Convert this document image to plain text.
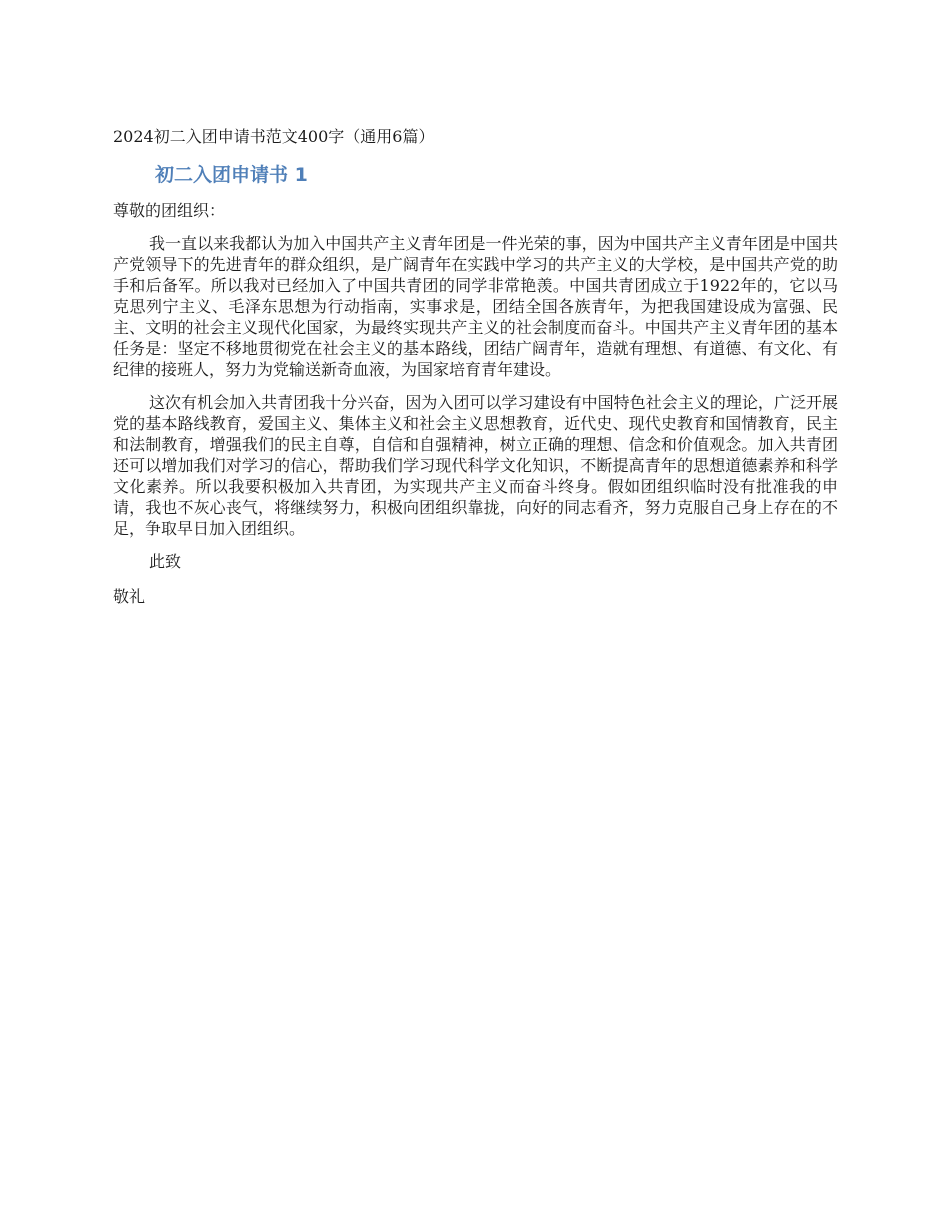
2024初二入团申请书范文400字（通用6篇）

初二入团申请书 1

尊敬的团组织：

我一直以来我都认为加入中国共产主义青年团是一件光荣的事，因为中国共产主义青年团是中国共产党领导下的先进青年的群众组织，是广阔青年在实践中学习的共产主义的大学校，是中国共产党的助手和后备军。所以我对已经加入了中国共青团的同学非常艳羡。中国共青团成立于1922年的，它以马克思列宁主义、毛泽东思想为行动指南，实事求是，团结全国各族青年，为把我国建设成为富强、民主、文明的社会主义现代化国家，为最终实现共产主义的社会制度而奋斗。中国共产主义青年团的基本任务是：坚定不移地贯彻党在社会主义的基本路线，团结广阔青年，造就有理想、有道德、有文化、有纪律的接班人，努力为党输送新奇血液，为国家培育青年建设。

这次有机会加入共青团我十分兴奋，因为入团可以学习建设有中国特色社会主义的理论，广泛开展党的基本路线教育，爱国主义、集体主义和社会主义思想教育，近代史、现代史教育和国情教育，民主和法制教育，增强我们的民主自尊，自信和自强精神，树立正确的理想、信念和价值观念。加入共青团还可以增加我们对学习的信心，帮助我们学习现代科学文化知识，不断提高青年的思想道德素养和科学文化素养。所以我要积极加入共青团，为实现共产主义而奋斗终身。假如团组织临时没有批准我的申请，我也不灰心丧气，将继续努力，积极向团组织靠拢，向好的同志看齐，努力克服自己身上存在的不足，争取早日加入团组织。

此致

敬礼
